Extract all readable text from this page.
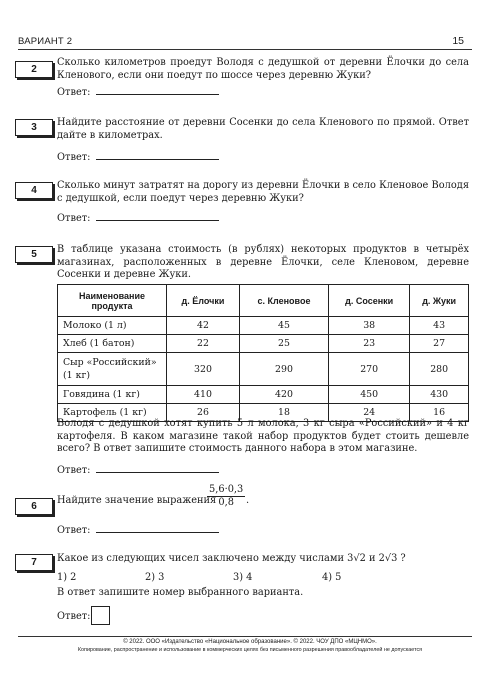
ВАРИАНТ 2	15
2
Сколько километров проедут Володя с дедушкой от деревни Ёлочки до села Кленового, если они поедут по шоссе через деревню Жуки?
Ответ:
3	Найдите расстояние от деревни Сосенки до села Кленового по прямой. Ответ дайте в километрах.
Ответ:
4	Сколько минут затратят на дорогу из деревни Ёлочки в село Кленовое Володя с дедушкой, если поедут через деревню Жуки?
Ответ:
5	В таблице указана стоимость (в рублях) некоторых продуктов в четырёх магазинах, расположенных в деревне Ёлочки, селе Кленовом, деревне Сосенки и деревне Жуки.
Наименование продукта	д. Ёлочки	с. Кленовое	д. Сосенки	д. Жуки
Молоко (1 л)	42	45	38	43
Хлеб (1 батон)	22	25	23	27
Сыр «Российский» (1 кг)	320	290	270	280
Говядина (1 кг)	410	420	450	430
Картофель (1 кг)	26	18	24	16
Володя с дедушкой хотят купить 5 л молока, 3 кг сыра «Российский» и 4 кг картофеля. В каком магазине такой набор продуктов будет стоить дешевле всего? В ответ запишите стоимость данного набора в этом магазине.
Ответ:
6
Найдите значение выражения
$\frac{5,6\cdot 0,3}{0,8}$ .
Ответ:
7	Какое из следующих чисел заключено между числами 3√2 и 2√3 ?
1) 2	2) 3	3) 4	4) 5
В ответ запишите номер выбранного варианта.
Ответ:
© 2022. ООО «Издательство «Национальное образование». © 2022. ЧОУ ДПО «МЦНМО».
Копирование, распространение и использование в коммерческих целях без письменного разрешения правообладателей не допускается
